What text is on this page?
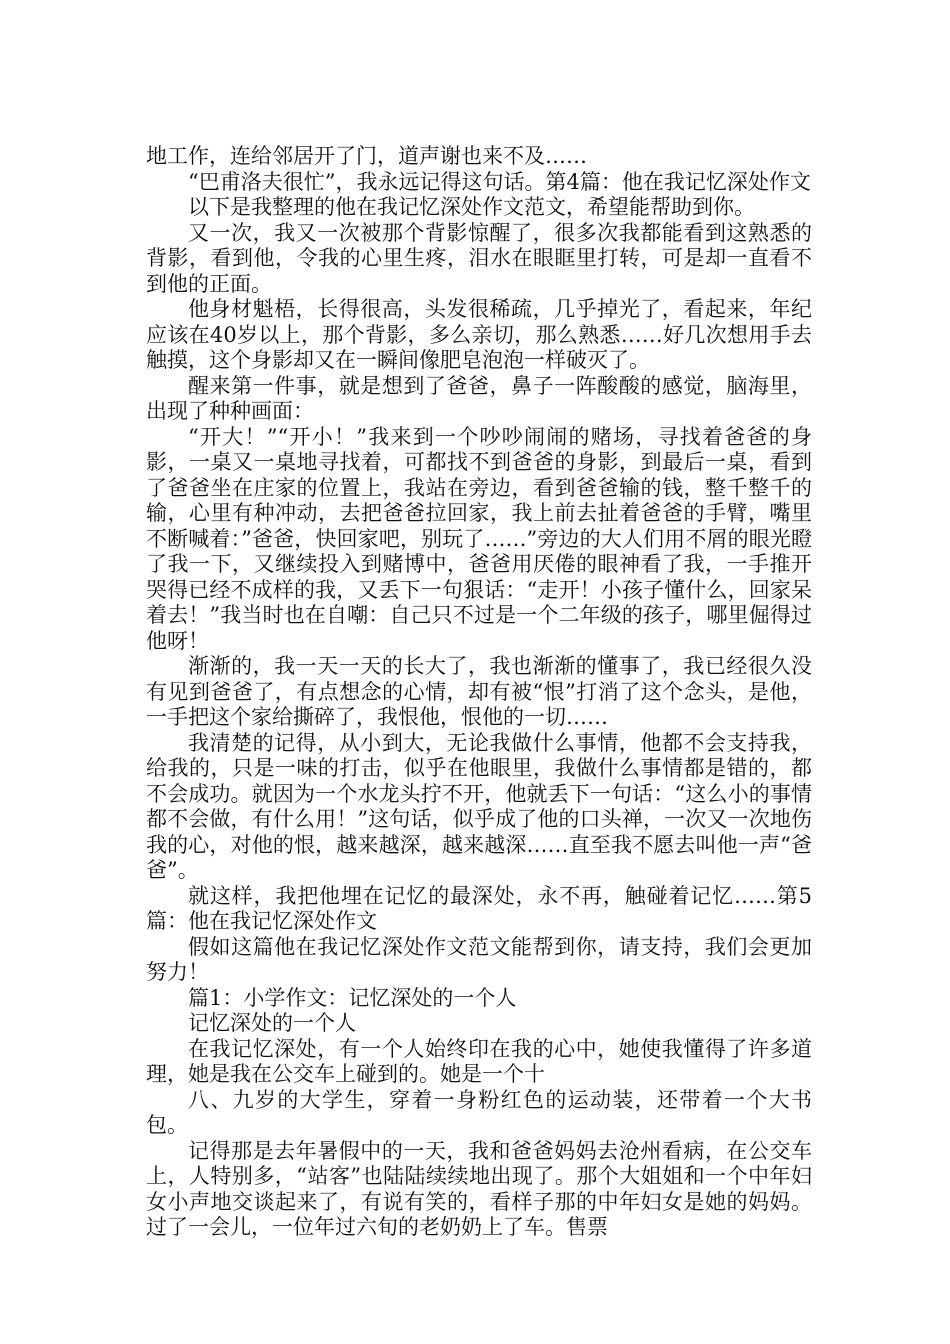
地工作，连给邻居开了门，道声谢也来不及……

“巴甫洛夫很忙”，我永远记得这句话。第4篇：他在我记忆深处作文

以下是我整理的他在我记忆深处作文范文，希望能帮助到你。

又一次，我又一次被那个背影惊醒了，很多次我都能看到这熟悉的背影，看到他，令我的心里生疼，泪水在眼眶里打转，可是却一直看不到他的正面。

他身材魁梧，长得很高，头发很稀疏，几乎掉光了，看起来，年纪应该在40岁以上，那个背影，多么亲切，那么熟悉……好几次想用手去触摸，这个身影却又在一瞬间像肥皂泡泡一样破灭了。

醒来第一件事，就是想到了爸爸，鼻子一阵酸酸的感觉，脑海里，出现了种种画面：

“开大！”“开小！”我来到一个吵吵闹闹的赌场，寻找着爸爸的身影，一桌又一桌地寻找着，可都找不到爸爸的身影，到最后一桌，看到了爸爸坐在庄家的位置上，我站在旁边，看到爸爸输的钱，整千整千的输，心里有种冲动，去把爸爸拉回家，我上前去扯着爸爸的手臂，嘴里不断喊着：”爸爸，快回家吧，别玩了……”旁边的大人们用不屑的眼光瞪了我一下，又继续投入到赌博中，爸爸用厌倦的眼神看了我，一手推开哭得已经不成样的我，又丢下一句狠话：“走开！小孩子懂什么，回家呆着去！”我当时也在自嘲：自己只不过是一个二年级的孩子，哪里倔得过他呀！

渐渐的，我一天一天的长大了，我也渐渐的懂事了，我已经很久没有见到爸爸了，有点想念的心情，却有被“恨”打消了这个念头，是他，一手把这个家给撕碎了，我恨他，恨他的一切……

我清楚的记得，从小到大，无论我做什么事情，他都不会支持我，给我的，只是一味的打击，似乎在他眼里，我做什么事情都是错的，都不会成功。就因为一个水龙头拧不开，他就丢下一句话：“这么小的事情都不会做，有什么用！”这句话，似乎成了他的口头禅，一次又一次地伤我的心，对他的恨，越来越深，越来越深……直至我不愿去叫他一声“爸爸”。

就这样，我把他埋在记忆的最深处，永不再，触碰着记忆……第5篇：他在我记忆深处作文

假如这篇他在我记忆深处作文范文能帮到你，请支持，我们会更加努力！

篇1：小学作文：记忆深处的一个人

记忆深处的一个人

在我记忆深处，有一个人始终印在我的心中，她使我懂得了许多道理，她是我在公交车上碰到的。她是一个十

八、九岁的大学生，穿着一身粉红色的运动装，还带着一个大书包。

记得那是去年暑假中的一天，我和爸爸妈妈去沧州看病，在公交车上，人特别多，“站客”也陆陆续续地出现了。那个大姐姐和一个中年妇女小声地交谈起来了，有说有笑的，看样子那的中年妇女是她的妈妈。过了一会儿，一位年过六旬的老奶奶上了车。售票
